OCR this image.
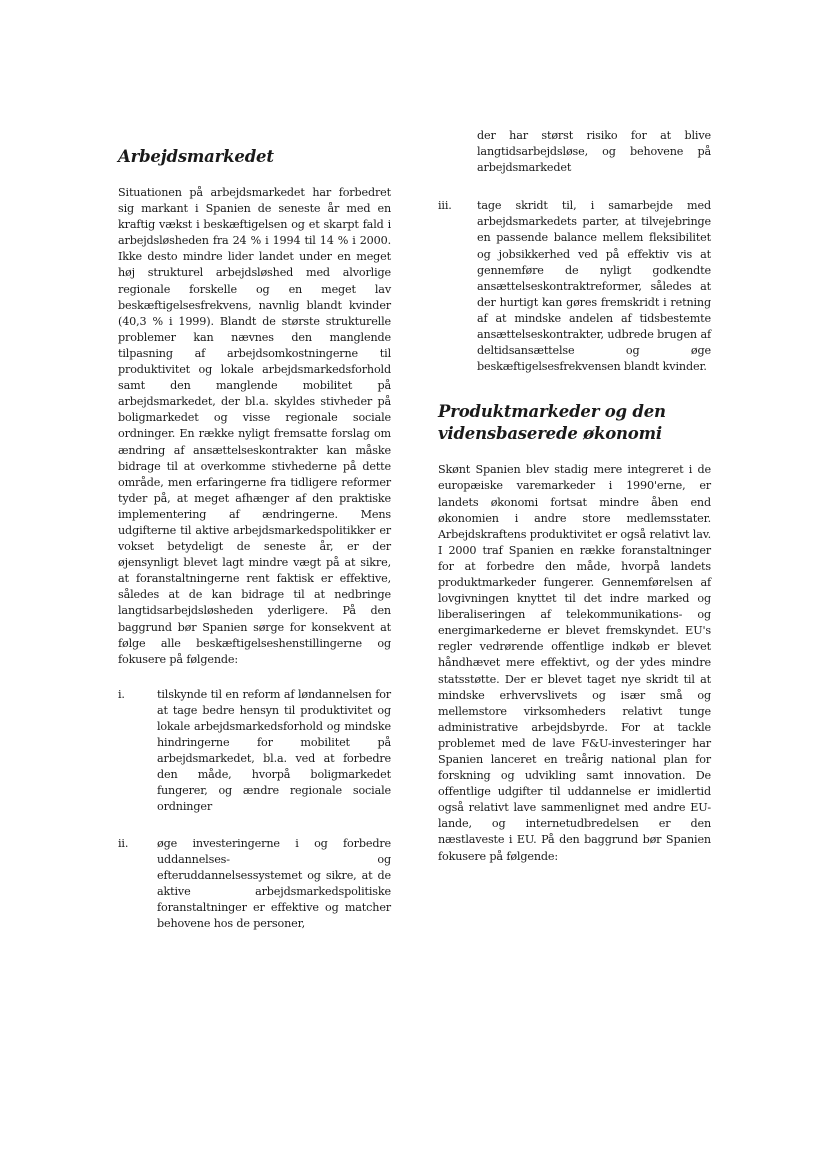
Arbejdsmarkedet

Situationen på arbejdsmarkedet har forbedret sig markant i Spanien de seneste år med en kraftig vækst i beskæftigelsen og et skarpt fald i arbejdsløsheden fra 24 % i 1994 til 14 % i 2000. Ikke desto mindre lider landet under en meget høj strukturel arbejdsløshed med alvorlige regionale forskelle og en meget lav beskæftigelsesfrekvens, navnlig blandt kvinder (40,3 % i 1999). Blandt de største strukturelle problemer kan nævnes den manglende tilpasning af arbejdsomkostningerne til produktivitet og lokale arbejdsmarkedsforhold samt den manglende mobilitet på arbejdsmarkedet, der bl.a. skyldes stivheder på boligmarkedet og visse regionale sociale ordninger. En række nyligt fremsatte forslag om ændring af ansættelseskontrakter kan måske bidrage til at overkomme stivhederne på dette område, men erfaringerne fra tidligere reformer tyder på, at meget afhænger af den praktiske implementering af ændringerne. Mens udgifterne til aktive arbejdsmarkedspolitikker er vokset betydeligt de seneste år, er der øjensynligt blevet lagt mindre vægt på at sikre, at foranstaltningerne rent faktisk er effektive, således at de kan bidrage til at nedbringe langtidsarbejdsløsheden yderligere. På den baggrund bør Spanien sørge for konsekvent at følge alle beskæftigelseshenstillingerne og fokusere på følgende:

i.	tilskynde til en reform af løndannelsen for at tage bedre hensyn til produktivitet og lokale arbejdsmarkedsforhold og mindske hindringerne for mobilitet på arbejdsmarkedet, bl.a. ved at forbedre den måde, hvorpå boligmarkedet fungerer, og ændre regionale sociale ordninger
ii.	øge investeringerne i og forbedre uddannelses- og efteruddannelsessystemet og sikre, at de aktive arbejdsmarkedspolitiske foranstaltninger er effektive og matcher behovene hos de personer,
der har størst risiko for at blive langtidsarbejdsløse, og behovene på arbejdsmarkedet
iii.	tage skridt til, i samarbejde med arbejdsmarkedets parter, at tilvejebringe en passende balance mellem fleksibilitet og jobsikkerhed ved på effektiv vis at gennemføre de nyligt godkendte ansættelseskontraktreformer, således at der hurtigt kan gøres fremskridt i retning af at mindske andelen af tidsbestemte ansættelseskontrakter, udbrede brugen af deltidsansættelse og øge beskæftigelsesfrekvensen blandt kvinder.
Produktmarkeder og den vidensbaserede økonomi

Skønt Spanien blev stadig mere integreret i de europæiske varemarkeder i 1990'erne, er landets økonomi fortsat mindre åben end økonomien i andre store medlemsstater. Arbejdskraftens produktivitet er også relativt lav. I 2000 traf Spanien en række foranstaltninger for at forbedre den måde, hvorpå landets produktmarkeder fungerer. Gennemførelsen af lovgivningen knyttet til det indre marked og liberaliseringen af telekommunikations- og energimarkederne er blevet fremskyndet. EU's regler vedrørende offentlige indkøb er blevet håndhævet mere effektivt, og der ydes mindre statsstøtte. Der er blevet taget nye skridt til at mindske erhvervslivets og især små og mellemstore virksomheders relativt tunge administrative arbejdsbyrde. For at tackle problemet med de lave F&U-investeringer har Spanien lanceret en treårig national plan for forskning og udvikling samt innovation. De offentlige udgifter til uddannelse er imidlertid også relativt lave sammenlignet med andre EU-lande, og internetudbredelsen er den næstlaveste i EU. På den baggrund bør Spanien fokusere på følgende:
